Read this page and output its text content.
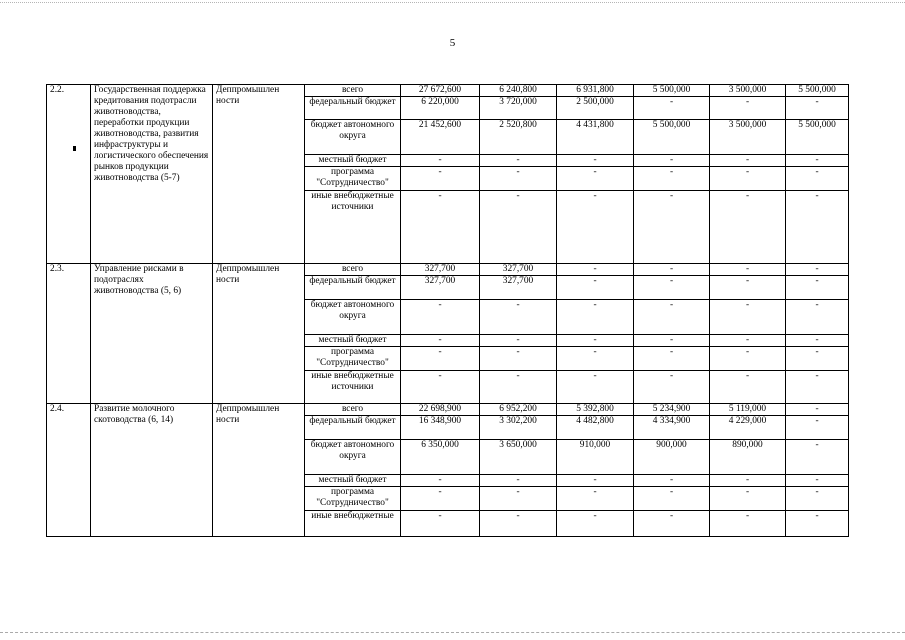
5
2.2.	Государственная поддержка кредитования подотрасли животноводства, переработки продукции животноводства, развития инфраструктуры и логистического обеспечения рынков продукции животноводства (5-7)	Деппромышлен ности	всего	27 672,600	6 240,800	6 931,800	5 500,000	3 500,000	5 500,000
			федеральный бюджет	6 220,000	3 720,000	2 500,000	-	-	-
			бюджет автономного округа	21 452,600	2 520,800	4 431,800	5 500,000	3 500,000	5 500,000
			местный бюджет	-	-	-	-	-	-
			программа "Сотрудничество"	-	-	-	-	-	-
			иные внебюджетные источники	-	-	-	-	-	-
2.3.	Управление рисками в подотраслях животноводства (5, 6)	Деппромышлен ности	всего	327,700	327,700	-	-	-	-
			федеральный бюджет	327,700	327,700	-	-	-	-
			бюджет автономного округа	-	-	-	-	-	-
			местный бюджет	-	-	-	-	-	-
			программа "Сотрудничество"	-	-	-	-	-	-
			иные внебюджетные источники	-	-	-	-	-	-
2.4.	Развитие молочного скотоводства (6, 14)	Деппромышлен ности	всего	22 698,900	6 952,200	5 392,800	5 234,900	5 119,000	-
			федеральный бюджет	16 348,900	3 302,200	4 482,800	4 334,900	4 229,000	-
			бюджет автономного округа	6 350,000	3 650,000	910,000	900,000	890,000	-
			местный бюджет	-	-	-	-	-	-
			программа "Сотрудничество"	-	-	-	-	-	-
			иные внебюджетные	-	-	-	-	-	-
